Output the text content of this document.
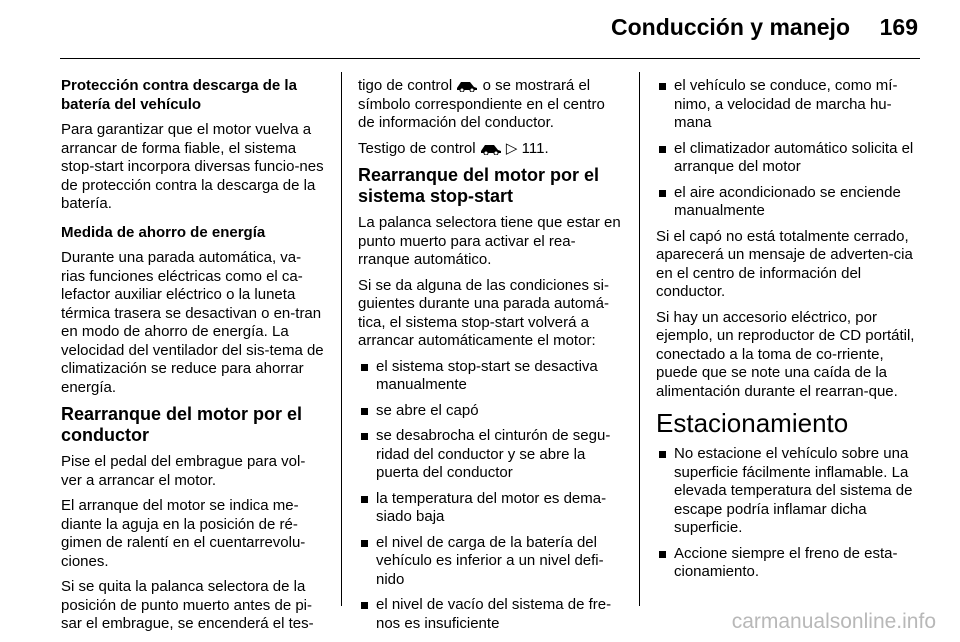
Conducción y manejo 169

Protección contra descarga de la batería del vehículo

Para garantizar que el motor vuelva a arrancar de forma fiable, el sistema stop-start incorpora diversas funcio-nes de protección contra la descarga de la batería.

Medida de ahorro de energía

Durante una parada automática, va-rias funciones eléctricas como el ca-lefactor auxiliar eléctrico o la luneta térmica trasera se desactivan o en-tran en modo de ahorro de energía. La velocidad del ventilador del sis-tema de climatización se reduce para ahorrar energía.

Rearranque del motor por el conductor

Pise el pedal del embrague para vol-ver a arrancar el motor.

El arranque del motor se indica me-diante la aguja en la posición de ré-gimen de ralentí en el cuentarrevolu-ciones.

Si se quita la palanca selectora de la posición de punto muerto antes de pi-sar el embrague, se encenderá el tes-

tigo de control o se mostrará el símbolo correspondiente en el centro de información del conductor.

Testigo de control ▷ 111.

Rearranque del motor por el sistema stop-start

La palanca selectora tiene que estar en punto muerto para activar el rea-rranque automático.

Si se da alguna de las condiciones si-guientes durante una parada automá-tica, el sistema stop-start volverá a arrancar automáticamente el motor:

el sistema stop-start se desactiva manualmente
se abre el capó
se desabrocha el cinturón de segu-ridad del conductor y se abre la puerta del conductor
la temperatura del motor es dema-siado baja
el nivel de carga de la batería del vehículo es inferior a un nivel defi-nido
el nivel de vacío del sistema de fre-nos es insuficiente
el vehículo se conduce, como mí-nimo, a velocidad de marcha hu-mana
el climatizador automático solicita el arranque del motor
el aire acondicionado se enciende manualmente

Si el capó no está totalmente cerrado, aparecerá un mensaje de adverten-cia en el centro de información del conductor.

Si hay un accesorio eléctrico, por ejemplo, un reproductor de CD portátil, conectado a la toma de co-rriente, puede que se note una caída de la alimentación durante el rearran-que.

Estacionamiento

No estacione el vehículo sobre una superficie fácilmente inflamable. La elevada temperatura del sistema de escape podría inflamar dicha superficie.
Accione siempre el freno de esta-cionamiento.
carmanualsonline.info
